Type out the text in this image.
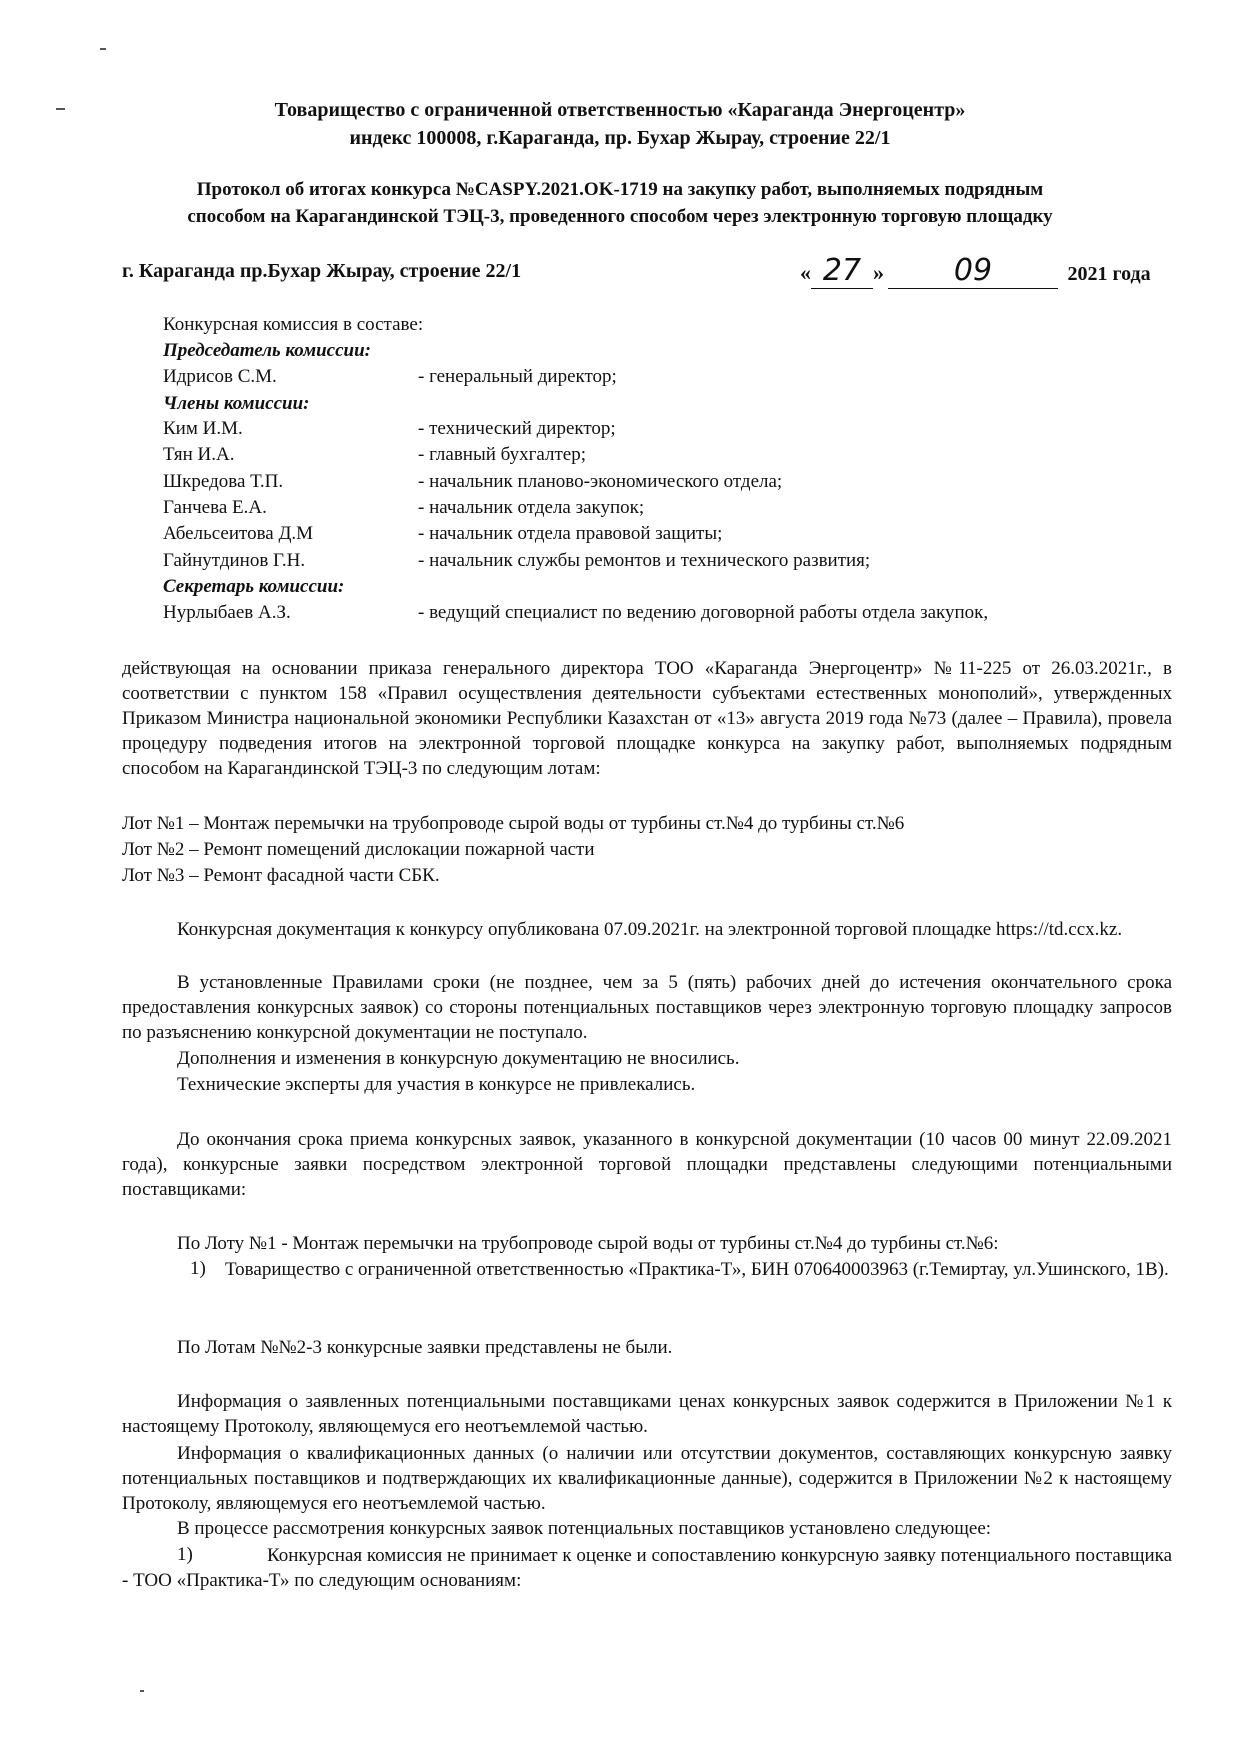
Товарищество с ограниченной ответственностью «Караганда Энергоцентр»
индекс 100008, г.Караганда, пр. Бухар Жырау, строение 22/1
Протокол об итогах конкурса №CASPY.2021.OK-1719 на закупку работ, выполняемых подрядным
способом на Карагандинской ТЭЦ-3, проведенного способом через электронную торговую площадку
г. Караганда пр.Бухар Жырау, строение 22/1	« 27 » 09	2021 года
Конкурсная комиссия в составе:
Председатель комиссии:
Идрисов С.М.	- генеральный директор;
Члены комиссии:
Ким И.М.	- технический директор;
Тян И.А.	- главный бухгалтер;
Шкредова Т.П.	- начальник планово-экономического отдела;
Ганчева Е.А.	- начальник отдела закупок;
Абельсеитова Д.М	- начальник отдела правовой защиты;
Гайнутдинов Г.Н.	- начальник службы ремонтов и технического развития;
Секретарь комиссии:
Нурлыбаев А.З.	- ведущий специалист по ведению договорной работы отдела закупок,
действующая на основании приказа генерального директора ТОО «Караганда Энергоцентр» №11-225 от 26.03.2021г., в соответствии с пунктом 158 «Правил осуществления деятельности субъектами естественных монополий», утвержденных Приказом Министра национальной экономики Республики Казахстан от «13» августа 2019 года №73 (далее – Правила), провела процедуру подведения итогов на электронной торговой площадке конкурса на закупку работ, выполняемых подрядным способом на Карагандинской ТЭЦ-3 по следующим лотам:
Лот №1 – Монтаж перемычки на трубопроводе сырой воды от турбины ст.№4 до турбины ст.№6
Лот №2 – Ремонт помещений дислокации пожарной части
Лот №3 – Ремонт фасадной части СБК.
Конкурсная документация к конкурсу опубликована 07.09.2021г. на электронной торговой площадке https://td.ccx.kz.
В установленные Правилами сроки (не позднее, чем за 5 (пять) рабочих дней до истечения окончательного срока предоставления конкурсных заявок) со стороны потенциальных поставщиков через электронную торговую площадку запросов по разъяснению конкурсной документации не поступало.
Дополнения и изменения в конкурсную документацию не вносились.
Технические эксперты для участия в конкурсе не привлекались.
До окончания срока приема конкурсных заявок, указанного в конкурсной документации (10 часов 00 минут 22.09.2021 года), конкурсные заявки посредством электронной торговой площадки представлены следующими потенциальными поставщиками:
По Лоту №1 - Монтаж перемычки на трубопроводе сырой воды от турбины ст.№4 до турбины ст.№6:
1) Товарищество с ограниченной ответственностью «Практика-Т», БИН 070640003963 (г.Темиртау, ул.Ушинского, 1В).
По Лотам №№2-3 конкурсные заявки представлены не были.
Информация о заявленных потенциальными поставщиками ценах конкурсных заявок содержится в Приложении №1 к настоящему Протоколу, являющемуся его неотъемлемой частью.
Информация о квалификационных данных (о наличии или отсутствии документов, составляющих конкурсную заявку потенциальных поставщиков и подтверждающих их квалификационные данные), содержится в Приложении №2 к настоящему Протоколу, являющемуся его неотъемлемой частью.
В процессе рассмотрения конкурсных заявок потенциальных поставщиков установлено следующее:
1)	Конкурсная комиссия не принимает к оценке и сопоставлению конкурсную заявку потенциального поставщика - ТОО «Практика-Т» по следующим основаниям:
